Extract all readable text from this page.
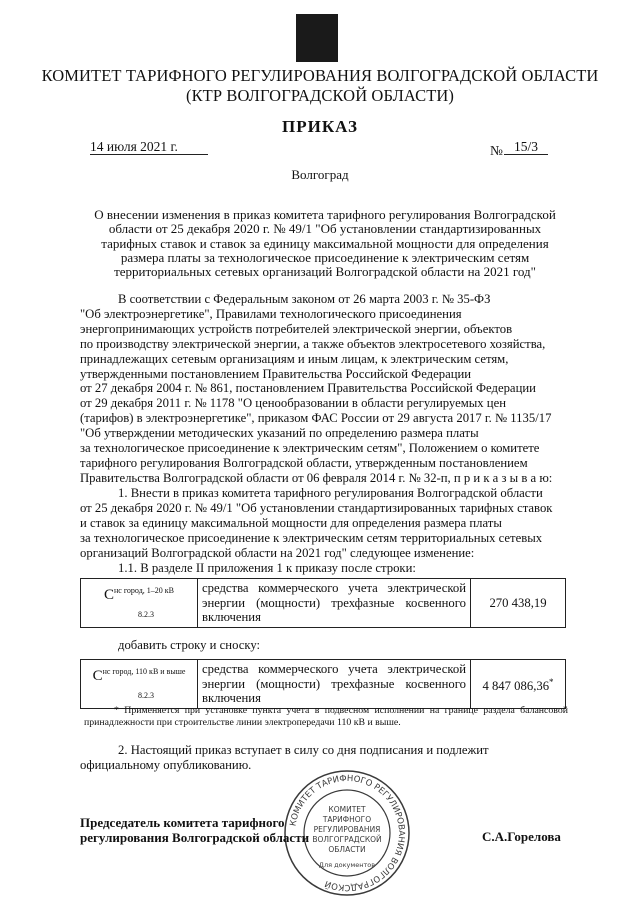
КОМИТЕТ ТАРИФНОГО РЕГУЛИРОВАНИЯ ВОЛГОГРАДСКОЙ ОБЛАСТИ
(КТР ВОЛГОГРАДСКОЙ ОБЛАСТИ)
ПРИКАЗ
14 июля 2021 г.	№ 15/3
Волгоград
О внесении изменения в приказ комитета тарифного регулирования Волгоградской
области от 25 декабря 2020 г. № 49/1 "Об установлении стандартизированных
тарифных ставок и ставок за единицу максимальной мощности для определения
размера платы за технологическое присоединение к электрическим сетям
территориальных сетевых организаций Волгоградской области на 2021 год"
В соответствии с Федеральным законом от 26 марта 2003 г. № 35-ФЗ
"Об электроэнергетике", Правилами технологического присоединения
энергопринимающих устройств потребителей электрической энергии, объектов
по производству электрической энергии, а также объектов электросетевого хозяйства,
принадлежащих сетевым организациям и иным лицам, к электрическим сетям,
утвержденными постановлением Правительства Российской Федерации
от 27 декабря 2004 г. № 861, постановлением Правительства Российской Федерации
от 29 декабря 2011 г. № 1178 "О ценообразовании в области регулируемых цен
(тарифов) в электроэнергетике", приказом ФАС России от 29 августа 2017 г. № 1135/17
"Об утверждении методических указаний по определению размера платы
за технологическое присоединение к электрическим сетям", Положением о комитете
тарифного регулирования Волгоградской области, утвержденным постановлением
Правительства Волгоградской области от 06 февраля 2014 г. № 32-п, п р и к а з ы в а ю:
1. Внести в приказ комитета тарифного регулирования Волгоградской области
от 25 декабря 2020 г. № 49/1 "Об установлении стандартизированных тарифных ставок
и ставок за единицу максимальной мощности для определения размера платы
за технологическое присоединение к электрическим сетям территориальных сетевых
организаций Волгоградской области на 2021 год" следующее изменение:
1.1. В разделе II приложения 1 к приказу после строки:
$С^{нс город, 1-20 кВ}$
$_{8.2.3}$	средства коммерческого учета электрической энергии (мощности) трехфазные косвенного включения	270 438,19
добавить строку и сноску:
$С^{нс город, 110 кВ и выше}$
$_{8.2.3}$	средства коммерческого учета электрической энергии (мощности) трехфазные косвенного включения	4 847 086,36*
* Применяется при установке пункта учета в подвесном исполнении на границе раздела балансовой принадлежности при строительстве линии электропередачи 110 кВ и выше.
2. Настоящий приказ вступает в силу со дня подписания и подлежит
официальному опубликованию.
КОМИТЕТ ТАРИФНОГО РЕГУЛИРОВАНИЯ ВОЛГОГРАДСКОЙ
КОМИТЕТ
ТАРИФНОГО
РЕГУЛИРОВАНИЯ
ВОЛГОГРАДСКОЙ
ОБЛАСТИ
Для документов
Председатель комитета тарифного
регулирования Волгоградской области	С.А.Горелова
